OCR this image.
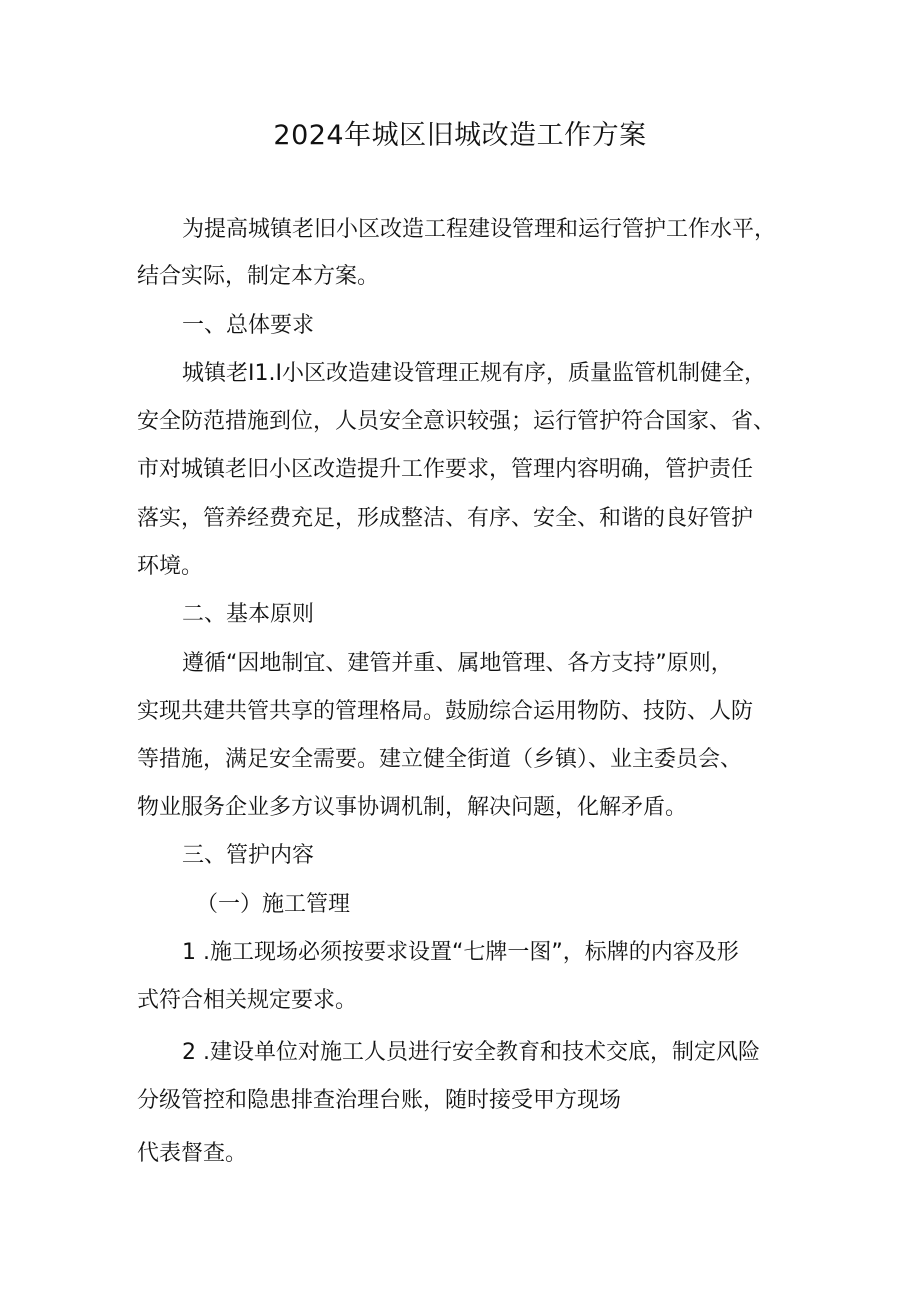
2024年城区旧城改造工作方案
为提高城镇老旧小区改造工程建设管理和运行管护工作水平，
结合实际，制定本方案。
一、总体要求
城镇老I1.I小区改造建设管理正规有序，质量监管机制健全，
安全防范措施到位，人员安全意识较强；运行管护符合国家、省、
市对城镇老旧小区改造提升工作要求，管理内容明确，管护责任
落实，管养经费充足，形成整洁、有序、安全、和谐的良好管护
环境。
二、基本原则
遵循“因地制宜、建管并重、属地管理、各方支持”原则，
实现共建共管共享的管理格局。鼓励综合运用物防、技防、人防
等措施，满足安全需要。建立健全街道（乡镇）、业主委员会、
物业服务企业多方议事协调机制，解决问题，化解矛盾。
三、管护内容
（一）施工管理
1 .施工现场必须按要求设置“七牌一图”，标牌的内容及形
式符合相关规定要求。
2 .建设单位对施工人员进行安全教育和技术交底，制定风险
分级管控和隐患排查治理台账，随时接受甲方现场
代表督查。
